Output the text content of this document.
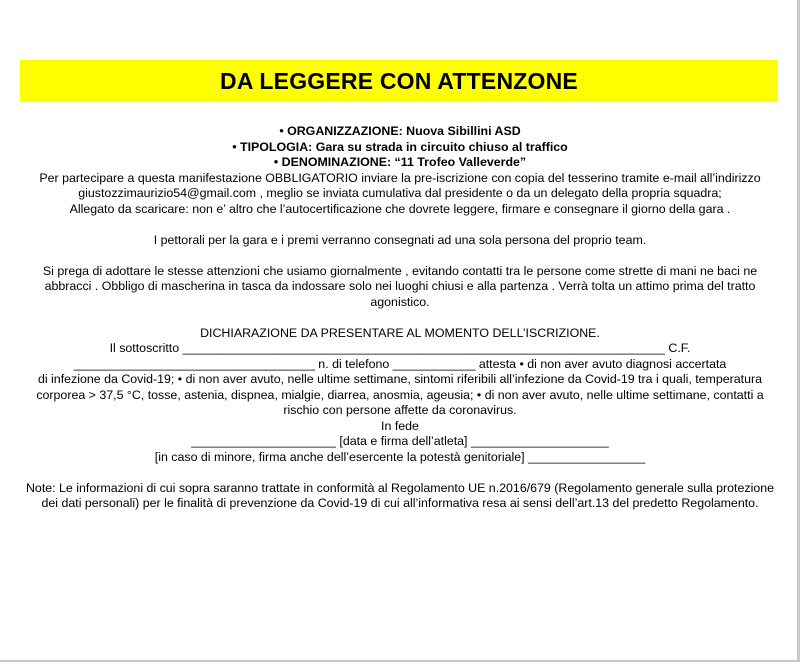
DA LEGGERE CON ATTENZONE

• ORGANIZZAZIONE: Nuova Sibillini ASD

• TIPOLOGIA: Gara su strada in circuito chiuso al traffico

• DENOMINAZIONE: “11 Trofeo Valleverde”

Per partecipare a questa manifestazione OBBLIGATORIO inviare la pre-iscrizione con copia del tesserino tramite e-mail all’indirizzo giustozzimaurizio54@gmail.com , meglio se inviata cumulativa dal presidente o da un delegato della propria squadra;

Allegato da scaricare: non e’ altro che l’autocertificazione che dovrete leggere, firmare e consegnare il giorno della gara .

I pettorali per la gara e i premi verranno consegnati ad una sola persona del proprio team.

Si prega di adottare le stesse attenzioni che usiamo giornalmente , evitando contatti tra le persone come strette di mani ne baci ne abbracci . Obbligo di mascherina in tasca da indossare solo nei luoghi chiusi e alla partenza . Verrà tolta un attimo prima del tratto agonistico.

DICHIARAZIONE DA PRESENTARE AL MOMENTO DELL’ISCRIZIONE.

Il sottoscritto ______________________________________________________________________ C.F.

___________________________________ n. di telefono ____________ attesta • di non aver avuto diagnosi accertata

di infezione da Covid-19; • di non aver avuto, nelle ultime settimane, sintomi riferibili all’infezione da Covid-19 tra i quali, temperatura corporea > 37,5 °C, tosse, astenia, dispnea, mialgie, diarrea, anosmia, ageusia; • di non aver avuto, nelle ultime settimane, contatti a rischio con persone affette da coronavirus.

In fede

_____________________ [data e firma dell’atleta] ____________________

[in caso di minore, firma anche dell’esercente la potestà genitoriale] _________________

Note: Le informazioni di cui sopra saranno trattate in conformità al Regolamento UE n.2016/679 (Regolamento generale sulla protezione dei dati personali) per le finalità di prevenzione da Covid-19 di cui all’informativa resa ai sensi dell’art.13 del predetto Regolamento.
